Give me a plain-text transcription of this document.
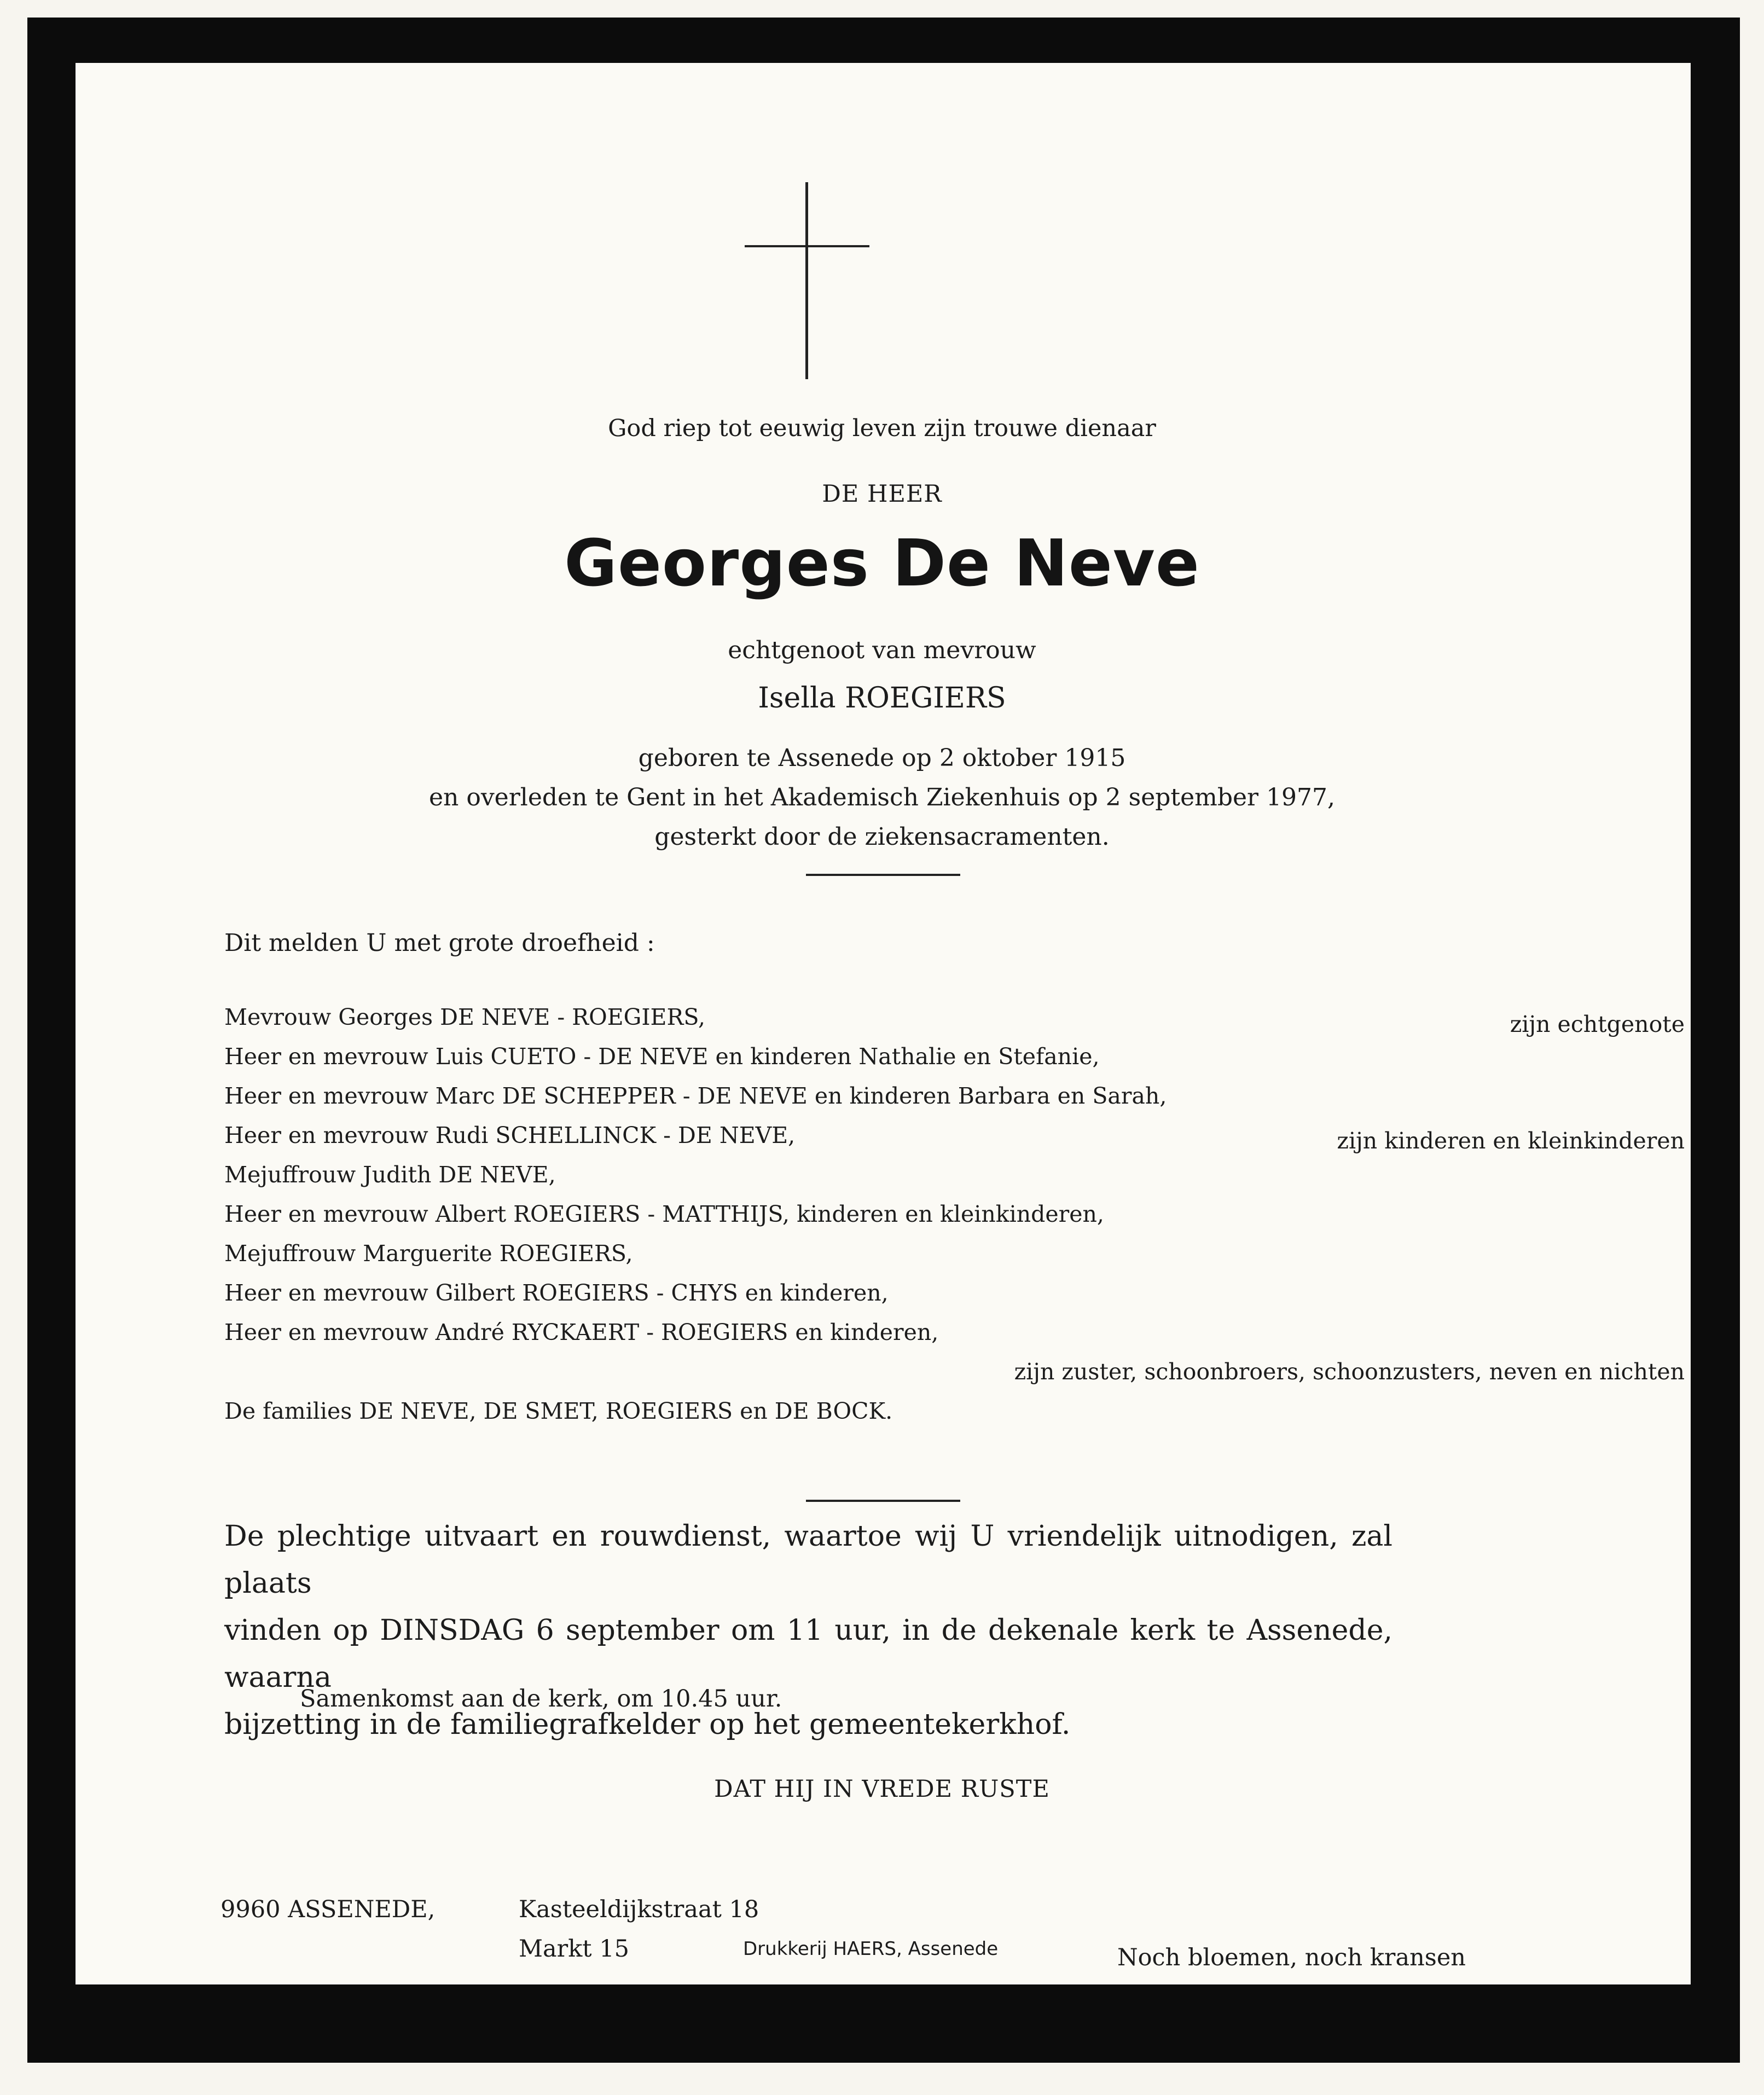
God riep tot eeuwig leven zijn trouwe dienaar
DE HEER
Georges De Neve
echtgenoot van mevrouw
Isella ROEGIERS
geboren te Assenede op 2 oktober 1915
en overleden te Gent in het Akademisch Ziekenhuis op 2 september 1977,
gesterkt door de ziekensacramenten.
Dit melden U met grote droefheid :
Mevrouw Georges DE NEVE - ROEGIERS,	zijn echtgenote
Heer en mevrouw Luis CUETO - DE NEVE en kinderen Nathalie en Stefanie,
Heer en mevrouw Marc DE SCHEPPER - DE NEVE en kinderen Barbara en Sarah,
Heer en mevrouw Rudi SCHELLINCK - DE NEVE,	zijn kinderen en kleinkinderen
Mejuffrouw Judith DE NEVE,
Heer en mevrouw Albert ROEGIERS - MATTHIJS, kinderen en kleinkinderen,
Mejuffrouw Marguerite ROEGIERS,
Heer en mevrouw Gilbert ROEGIERS - CHYS en kinderen,
Heer en mevrouw André RYCKAERT - ROEGIERS en kinderen,
zijn zuster, schoonbroers, schoonzusters, neven en nichten
De families DE NEVE, DE SMET, ROEGIERS en DE BOCK.
De plechtige uitvaart en rouwdienst, waartoe wij U vriendelijk uitnodigen, zal plaats
vinden op DINSDAG 6 september om 11 uur, in de dekenale kerk te Assenede, waarna
bijzetting in de familiegrafkelder op het gemeentekerkhof.
Samenkomst aan de kerk, om 10.45 uur.
DAT HIJ IN VREDE RUSTE
9960 ASSENEDE,	Kasteeldijkstraat 18
Markt 15	Noch bloemen, noch kransen
Drukkerij HAERS, Assenede
